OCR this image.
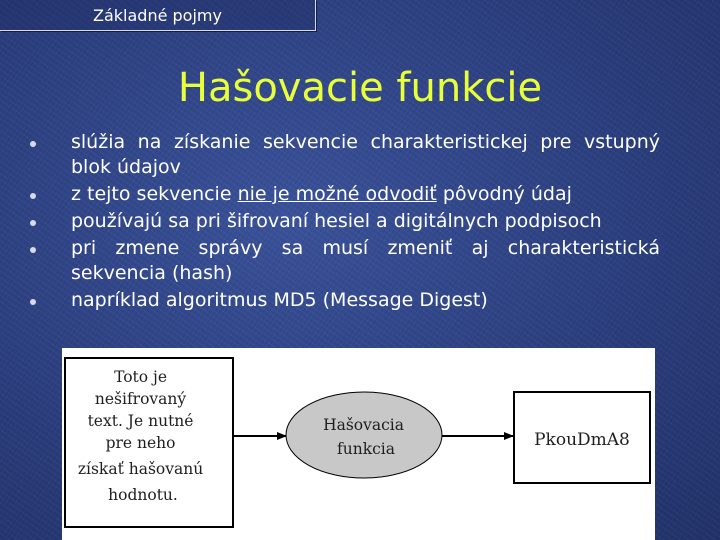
Základné pojmy
Hašovacie funkcie
slúžia na získanie sekvencie charakteristickej pre vstupný blok údajov
z tejto sekvencie nie je možné odvodiť pôvodný údaj
používajú sa pri šifrovaní hesiel a digitálnych podpisoch
pri zmene správy sa musí zmeniť aj charakteristická sekvencia (hash)
napríklad algoritmus MD5 (Message Digest)
Toto je nešifrovaný text. Je nutné pre neho získať hašovanú hodnotu.
Hašovacia funkcia	PkouDmA8
